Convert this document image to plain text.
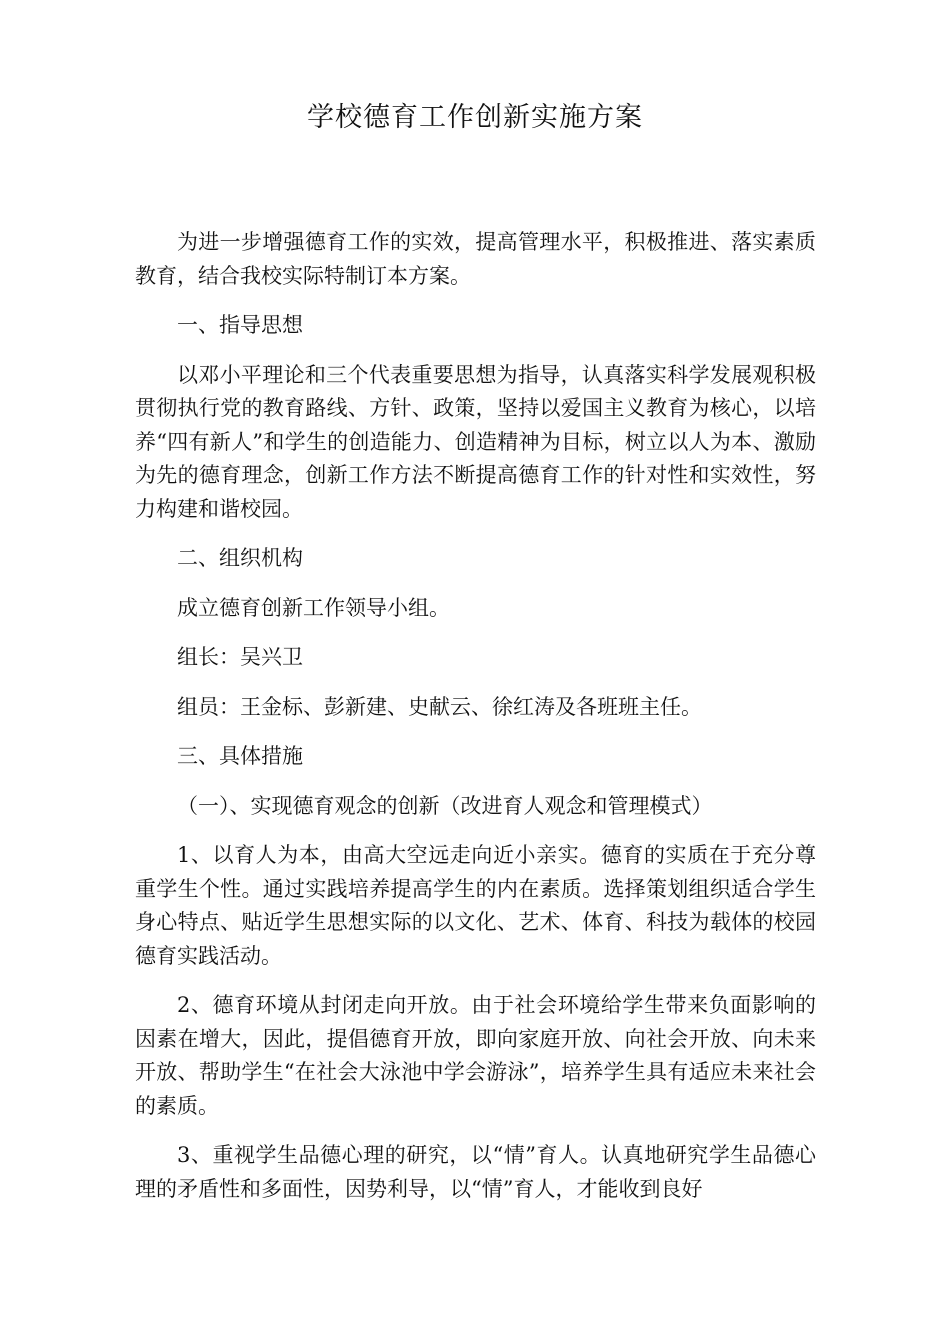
学校德育工作创新实施方案

为进一步增强德育工作的实效，提高管理水平，积极推进、落实素质教育，结合我校实际特制订本方案。

一、指导思想

以邓小平理论和三个代表重要思想为指导，认真落实科学发展观积极贯彻执行党的教育路线、方针、政策，坚持以爱国主义教育为核心，以培养“四有新人”和学生的创造能力、创造精神为目标，树立以人为本、激励为先的德育理念，创新工作方法不断提高德育工作的针对性和实效性，努力构建和谐校园。

二、组织机构

成立德育创新工作领导小组。

组长：吴兴卫

组员：王金标、彭新建、史献云、徐红涛及各班班主任。

三、具体措施

（一）、实现德育观念的创新（改进育人观念和管理模式）

1、以育人为本，由高大空远走向近小亲实。德育的实质在于充分尊重学生个性。通过实践培养提高学生的内在素质。选择策划组织适合学生身心特点、贴近学生思想实际的以文化、艺术、体育、科技为载体的校园德育实践活动。

2、德育环境从封闭走向开放。由于社会环境给学生带来负面影响的因素在增大，因此，提倡德育开放，即向家庭开放、向社会开放、向未来开放、帮助学生“在社会大泳池中学会游泳”，培养学生具有适应未来社会的素质。

3、重视学生品德心理的研究，以“情”育人。认真地研究学生品德心理的矛盾性和多面性，因势利导，以“情”育人，才能收到良好
